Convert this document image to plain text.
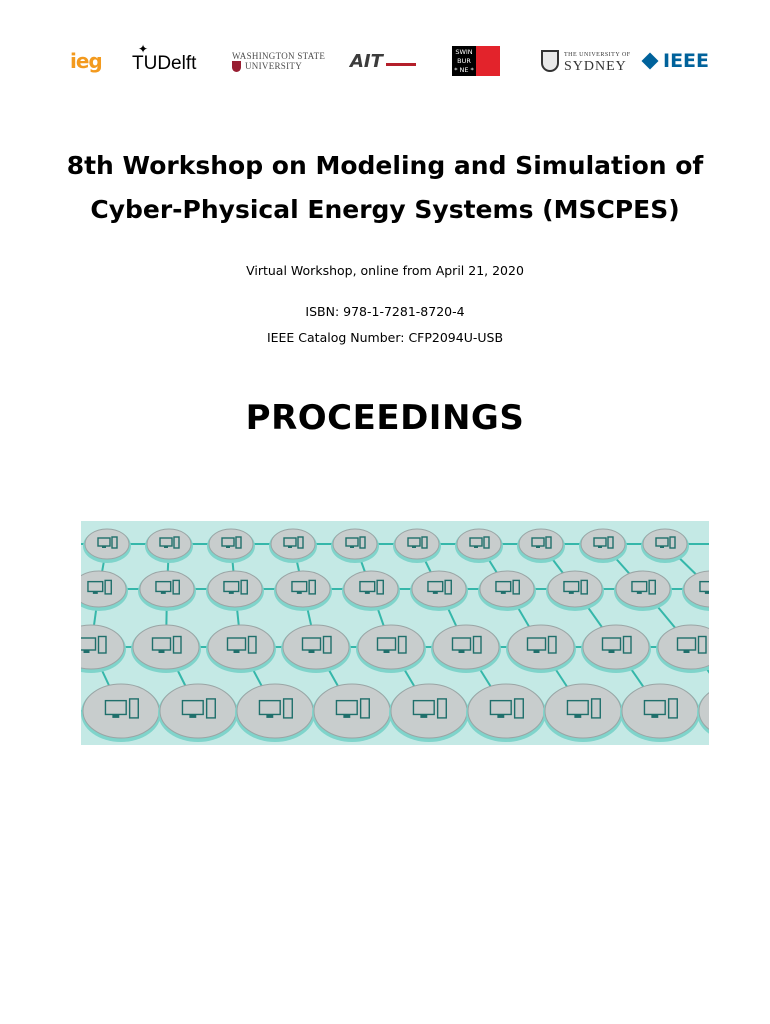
ieg	✦
TUDelft	WASHINGTON STATE
UNIVERSITY	AIT	SWIN
BUR
* NE *
THE UNIVERSITY OF
SYDNEY IEEE
8th Workshop on Modeling and Simulation of
Cyber-Physical Energy Systems (MSCPES)
Virtual Workshop, online from April 21, 2020
ISBN: 978-1-7281-8720-4
IEEE Catalog Number: CFP2094U-USB
PROCEEDINGS
